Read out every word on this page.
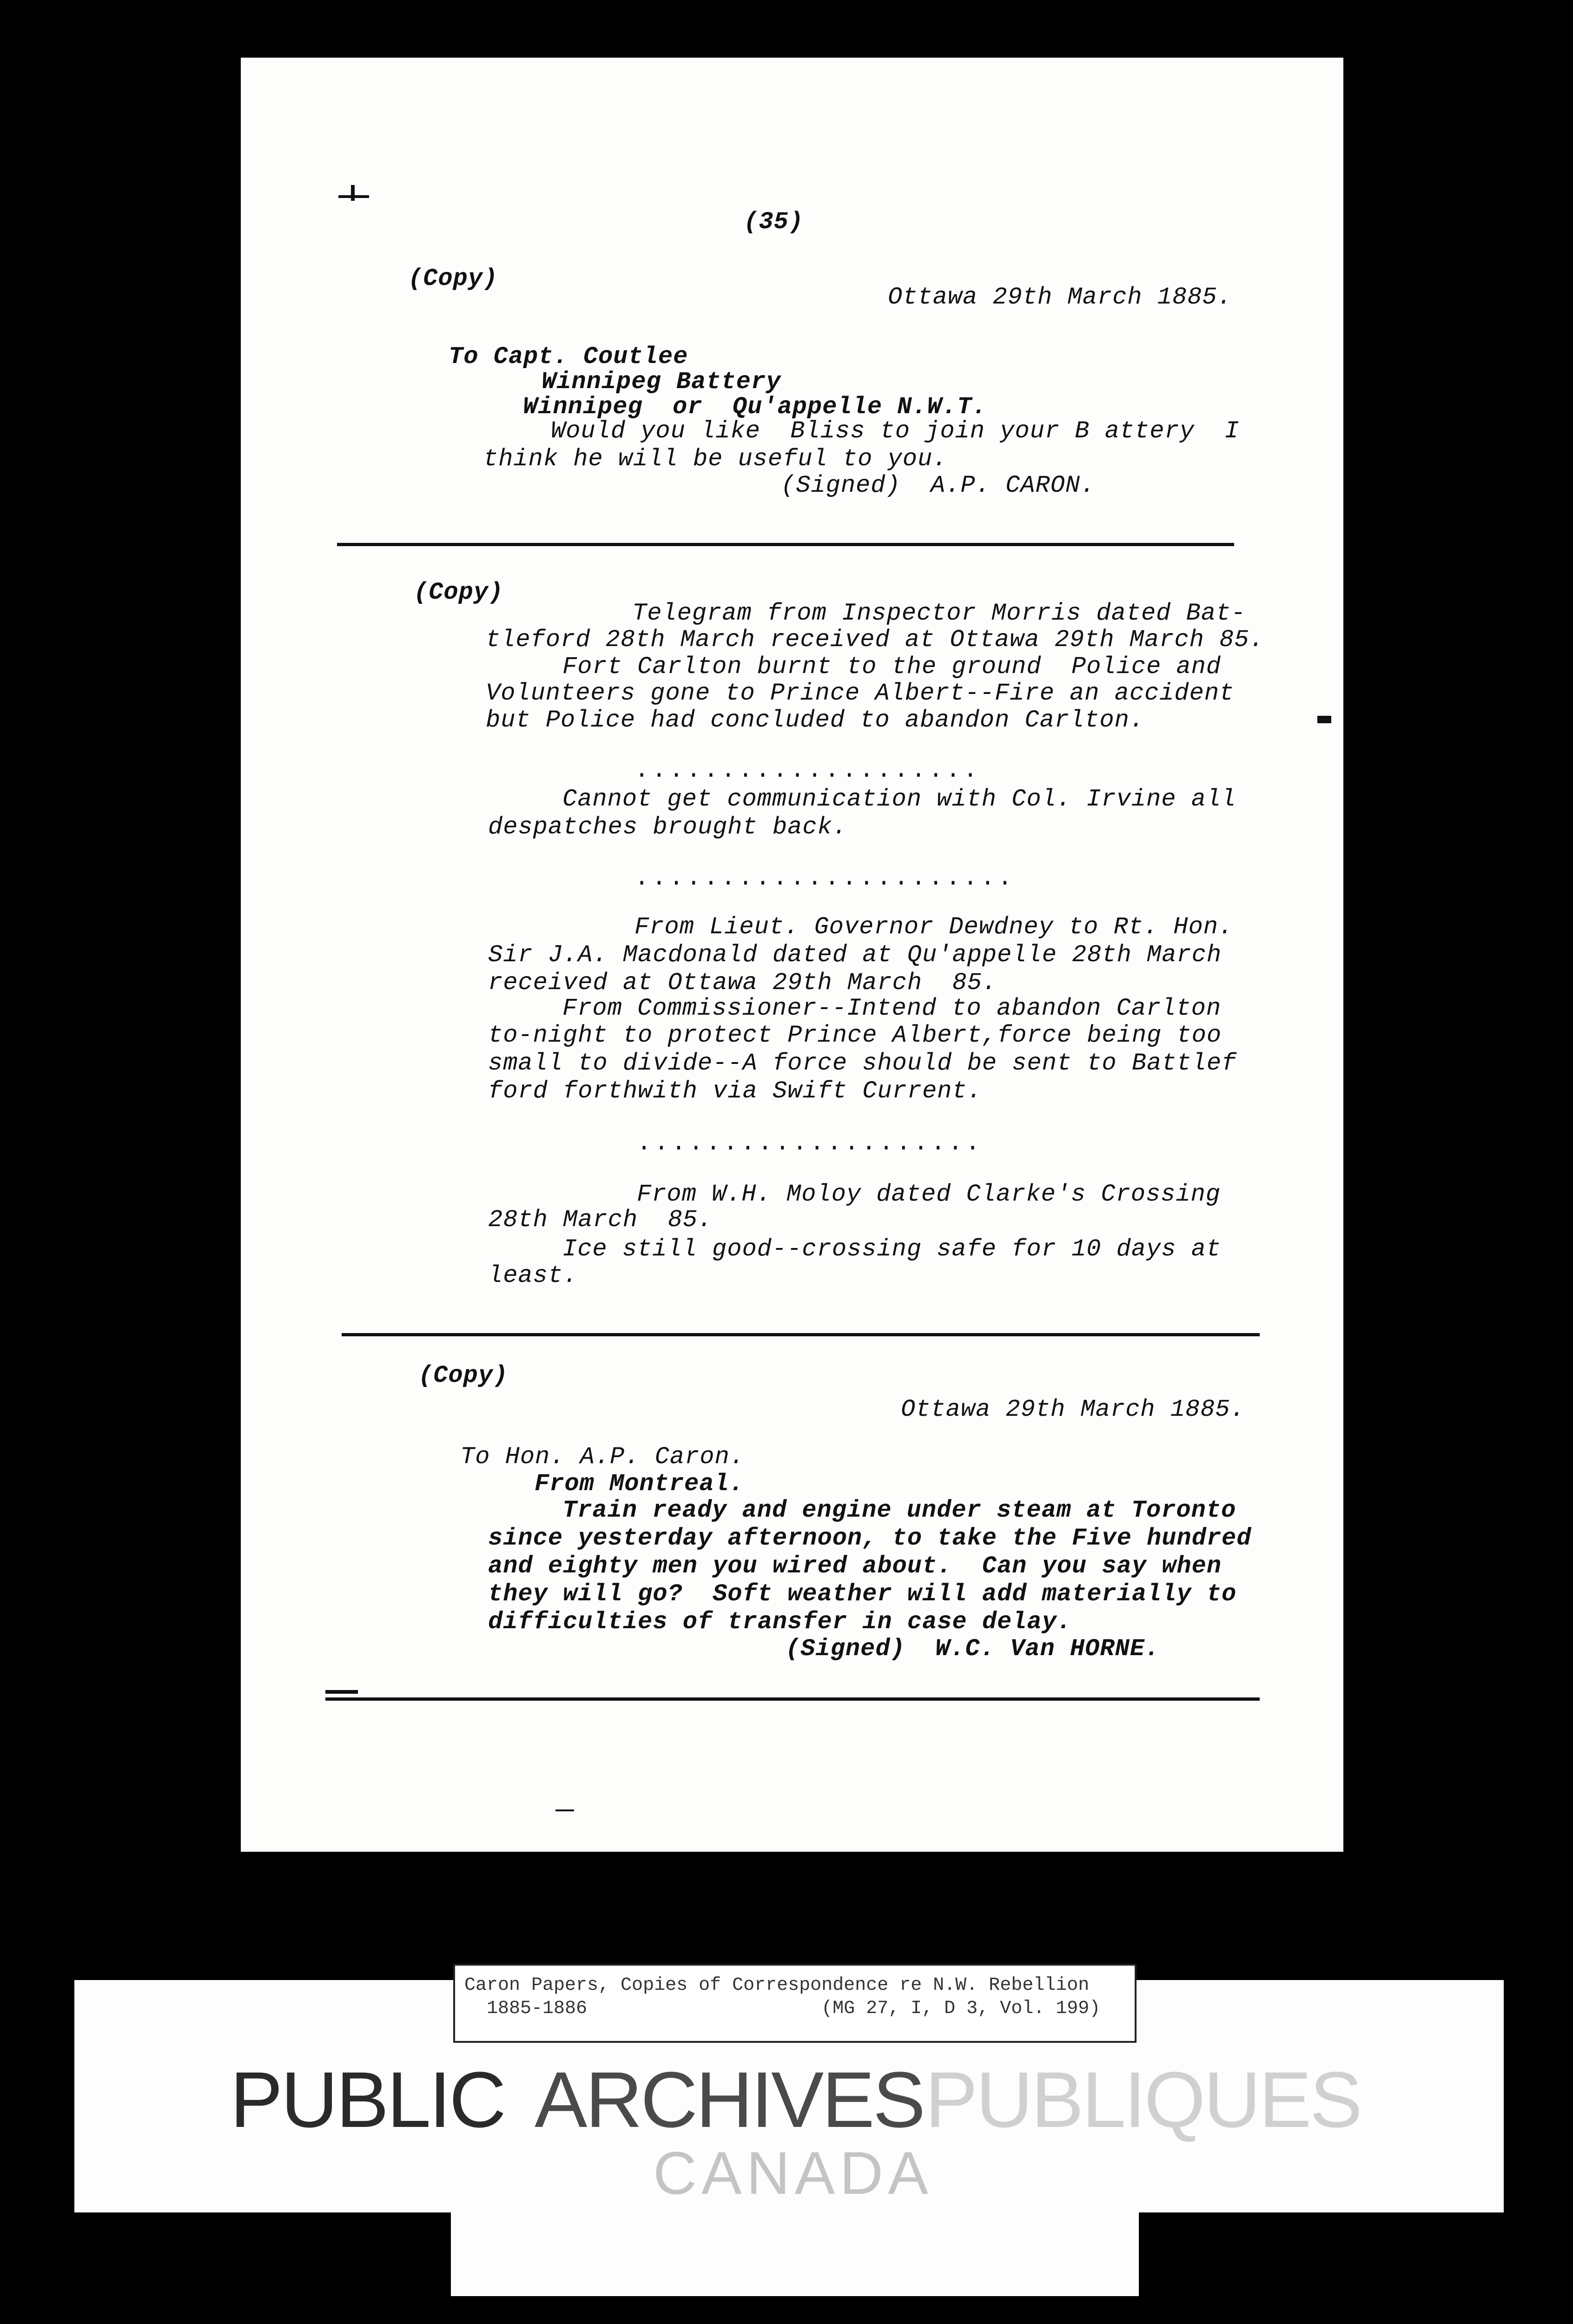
(35)
(Copy)
Ottawa 29th March 1885.
To Capt. Coutlee
Winnipeg Battery
Winnipeg  or  Qu'appelle N.W.T.
Would you like  Bliss to join your B attery  I
think he will be useful to you.
(Signed)  A.P. CARON.
(Copy)
Telegram from Inspector Morris dated Bat-
tleford 28th March received at Ottawa 29th March 85.
Fort Carlton burnt to the ground  Police and
Volunteers gone to Prince Albert--Fire an accident
but Police had concluded to abandon Carlton.
....................
Cannot get communication with Col. Irvine all
despatches brought back.
......................
From Lieut. Governor Dewdney to Rt. Hon.
Sir J.A. Macdonald dated at Qu'appelle 28th March
received at Ottawa 29th March  85.
From Commissioner--Intend to abandon Carlton
to-night to protect Prince Albert,force being too
small to divide--A force should be sent to Battlef
ford forthwith via Swift Current.
....................
From W.H. Moloy dated Clarke's Crossing
28th March  85.
Ice still good--crossing safe for 10 days at
least.
(Copy)
Ottawa 29th March 1885.
To Hon. A.P. Caron.
From Montreal.
Train ready and engine under steam at Toronto
since yesterday afternoon, to take the Five hundred
and eighty men you wired about.  Can you say when
they will go?  Soft weather will add materially to
difficulties of transfer in case delay.
(Signed)  W.C. Van HORNE.
Caron Papers, Copies of Correspondence re N.W. Rebellion
1885-1886                     (MG 27, I, D 3, Vol. 199)
PUBLIC ARCHIVES PUBLIQUES
CANADA
